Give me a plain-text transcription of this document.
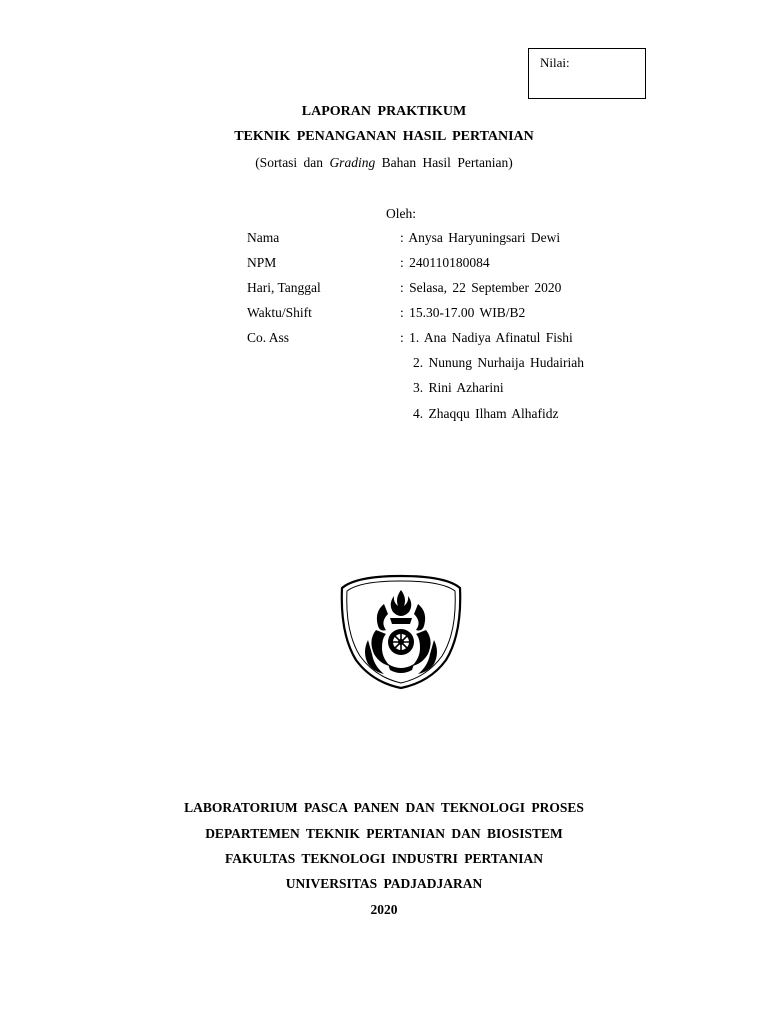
Nilai:
LAPORAN PRAKTIKUM
TEKNIK PENANGANAN HASIL PERTANIAN
(Sortasi dan Grading Bahan Hasil Pertanian)
Oleh:
Nama	: Anysa Haryuningsari Dewi
NPM	: 240110180084
Hari, Tanggal	: Selasa, 22 September 2020
Waktu/Shift	: 15.30-17.00 WIB/B2
Co. Ass	: 1. Ana Nadiya Afinatul Fishi
2. Nunung Nurhaija Hudairiah
3. Rini Azharini
4. Zhaqqu Ilham Alhafidz
LABORATORIUM PASCA PANEN DAN TEKNOLOGI PROSES
DEPARTEMEN TEKNIK PERTANIAN DAN BIOSISTEM
FAKULTAS TEKNOLOGI INDUSTRI PERTANIAN
UNIVERSITAS PADJADJARAN
2020
